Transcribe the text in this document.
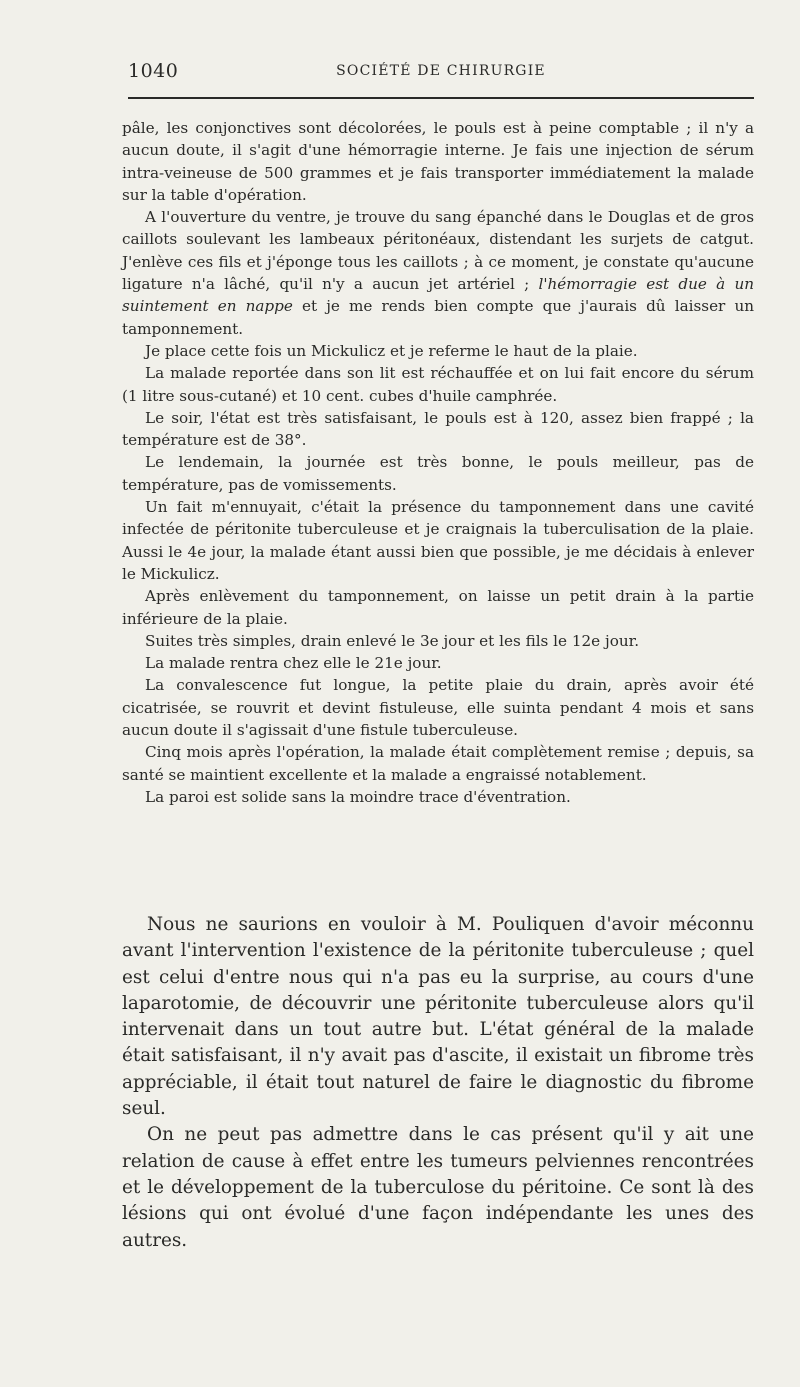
1040	SOCIÉTÉ DE CHIRURGIE

pâle, les conjonctives sont décolorées, le pouls est à peine comptable ; il n'y a aucun doute, il s'agit d'une hémorragie interne. Je fais une injection de sérum intra-veineuse de 500 grammes et je fais transporter immédiatement la malade sur la table d'opération.

A l'ouverture du ventre, je trouve du sang épanché dans le Douglas et de gros caillots soulevant les lambeaux péritonéaux, distendant les surjets de catgut. J'enlève ces fils et j'éponge tous les caillots ; à ce moment, je constate qu'aucune ligature n'a lâché, qu'il n'y a aucun jet artériel ; l'hémorragie est due à un suintement en nappe et je me rends bien compte que j'aurais dû laisser un tamponnement.

Je place cette fois un Mickulicz et je referme le haut de la plaie.

La malade reportée dans son lit est réchauffée et on lui fait encore du sérum (1 litre sous-cutané) et 10 cent. cubes d'huile camphrée.

Le soir, l'état est très satisfaisant, le pouls est à 120, assez bien frappé ; la température est de 38°.

Le lendemain, la journée est très bonne, le pouls meilleur, pas de température, pas de vomissements.

Un fait m'ennuyait, c'était la présence du tamponnement dans une cavité infectée de péritonite tuberculeuse et je craignais la tuberculisation de la plaie. Aussi le 4e jour, la malade étant aussi bien que possible, je me décidais à enlever le Mickulicz.

Après enlèvement du tamponnement, on laisse un petit drain à la partie inférieure de la plaie.

Suites très simples, drain enlevé le 3e jour et les fils le 12e jour.

La malade rentra chez elle le 21e jour.

La convalescence fut longue, la petite plaie du drain, après avoir été cicatrisée, se rouvrit et devint fistuleuse, elle suinta pendant 4 mois et sans aucun doute il s'agissait d'une fistule tuberculeuse.

Cinq mois après l'opération, la malade était complètement remise ; depuis, sa santé se maintient excellente et la malade a engraissé notablement.

La paroi est solide sans la moindre trace d'éventration.

Nous ne saurions en vouloir à M. Pouliquen d'avoir méconnu avant l'intervention l'existence de la péritonite tuberculeuse ; quel est celui d'entre nous qui n'a pas eu la surprise, au cours d'une laparotomie, de découvrir une péritonite tuberculeuse alors qu'il intervenait dans un tout autre but. L'état général de la malade était satisfaisant, il n'y avait pas d'ascite, il existait un fibrome très appréciable, il était tout naturel de faire le diagnostic du fibrome seul.

On ne peut pas admettre dans le cas présent qu'il y ait une relation de cause à effet entre les tumeurs pelviennes rencontrées et le développement de la tuberculose du péritoine. Ce sont là des lésions qui ont évolué d'une façon indépendante les unes des autres.
